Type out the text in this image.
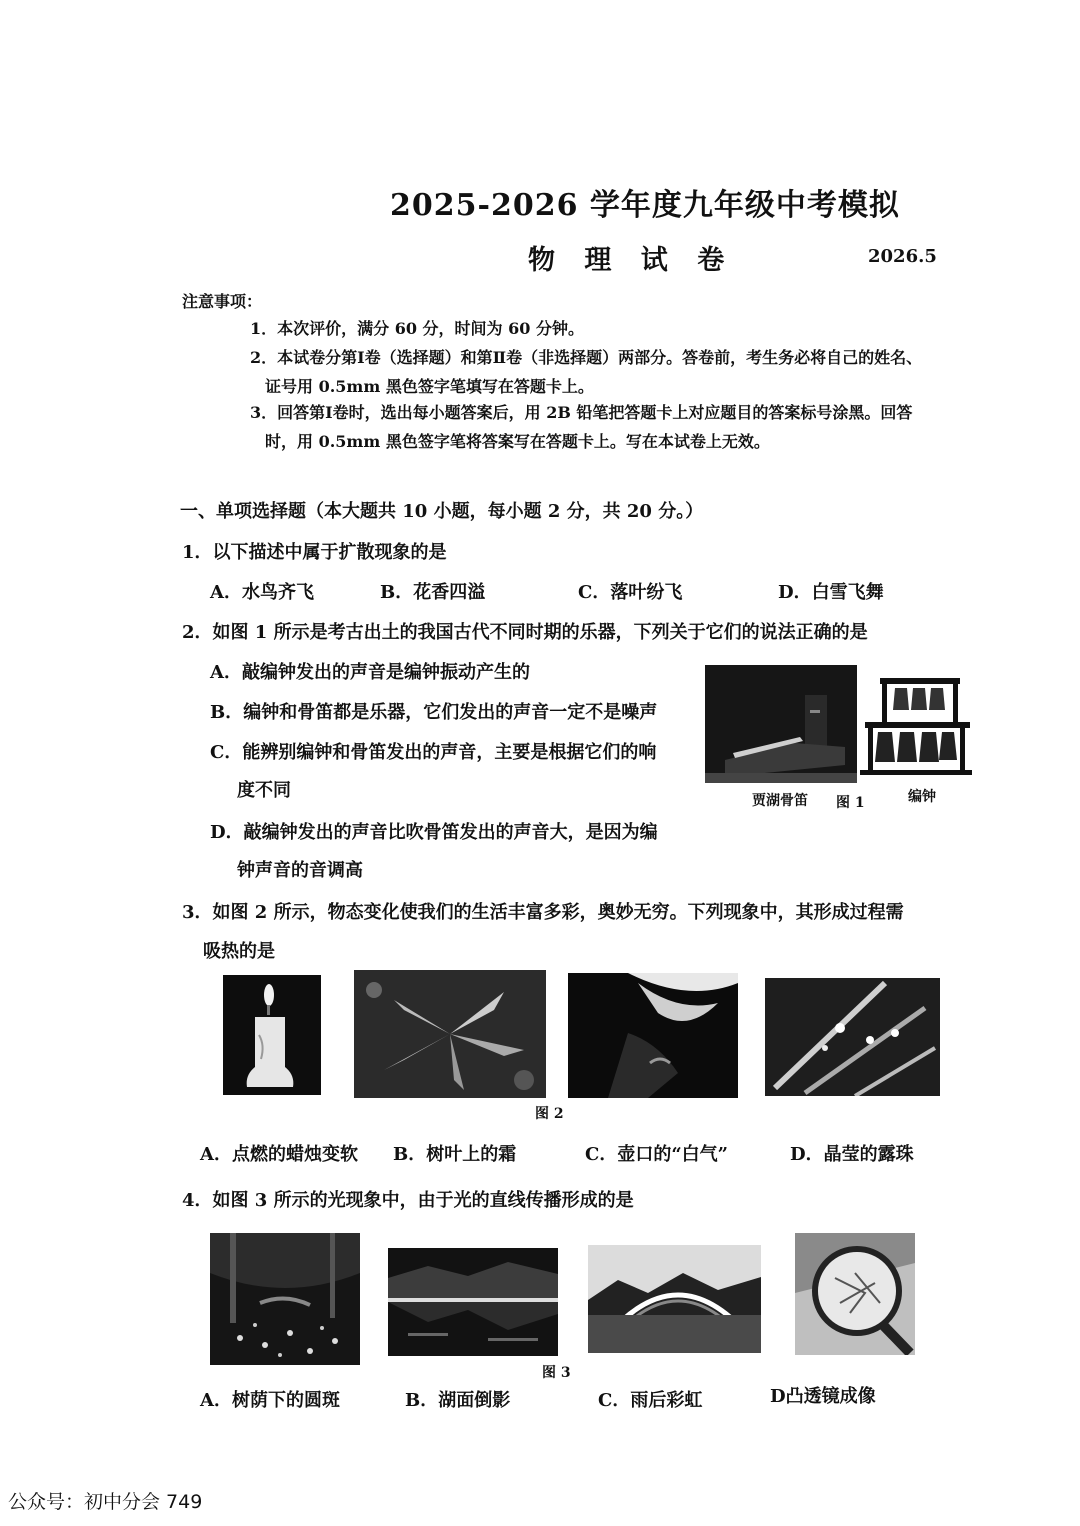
2025-2026 学年度九年级中考模拟
物 理 试 卷	2026.5
注意事项：
1．本次评价，满分 60 分，时间为 60 分钟。
2．本试卷分第Ⅰ卷（选择题）和第Ⅱ卷（非选择题）两部分。答卷前，考生务必将自己的姓名、
证号用 0.5mm 黑色签字笔填写在答题卡上。
3．回答第Ⅰ卷时，选出每小题答案后，用 2B 铅笔把答题卡上对应题目的答案标号涂黑。回答
时，用 0.5mm 黑色签字笔将答案写在答题卡上。写在本试卷上无效。
一、单项选择题（本大题共 10 小题，每小题 2 分，共 20 分。）
1．以下描述中属于扩散现象的是
A．水鸟齐飞	B．花香四溢	C．落叶纷飞	D．白雪飞舞
2．如图 1 所示是考古出土的我国古代不同时期的乐器，下列关于它们的说法正确的是
A．敲编钟发出的声音是编钟振动产生的
B．编钟和骨笛都是乐器，它们发出的声音一定不是噪声
C．能辨别编钟和骨笛发出的声音，主要是根据它们的响
度不同
D．敲编钟发出的声音比吹骨笛发出的声音大，是因为编
钟声音的音调高
贾湖骨笛 图 1	编钟
3．如图 2 所示，物态变化使我们的生活丰富多彩，奥妙无穷。下列现象中，其形成过程需
吸热的是
图 2
A．点燃的蜡烛变软 B．树叶上的霜	C．壶口的“白气”	D．晶莹的露珠
4．如图 3 所示的光现象中，由于光的直线传播形成的是
图 3
A．树荫下的圆斑	B．湖面倒影	C．雨后彩虹	D凸透镜成像
公众号：初中分会 749
